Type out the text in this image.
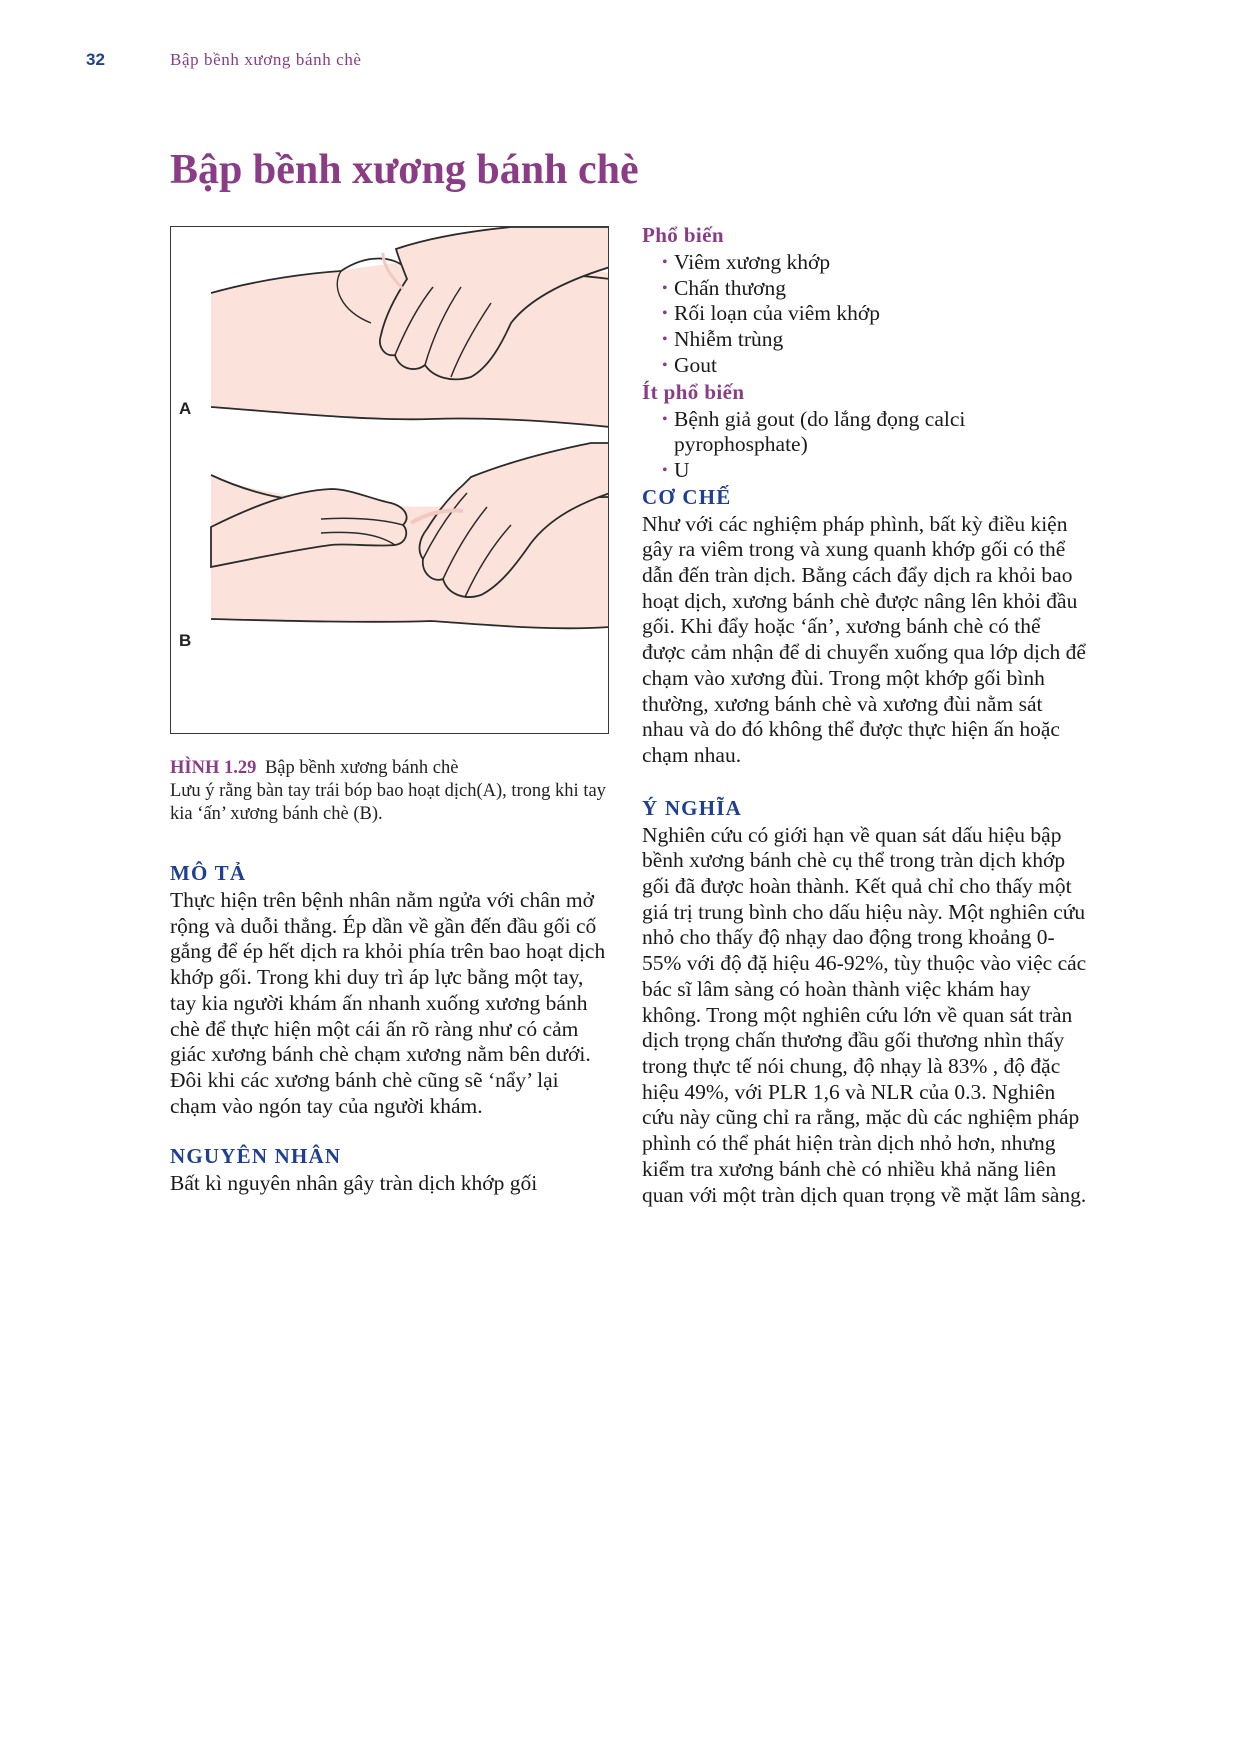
32	Bập bềnh xương bánh chè
Bập bềnh xương bánh chè
A
B
HÌNH 1.29 Bập bềnh xương bánh chè
Lưu ý rằng bàn tay trái bóp bao hoạt dịch(A), trong khi tay kia ‘ấn’ xương bánh chè (B).
MÔ TẢ

Thực hiện trên bệnh nhân nằm ngửa với chân mở rộng và duỗi thẳng. Ép dần về gần đến đầu gối cố gắng để ép hết dịch ra khỏi phía trên bao hoạt dịch khớp gối. Trong khi duy trì áp lực bằng một tay, tay kia người khám ấn nhanh xuống xương bánh chè để thực hiện một cái ấn rõ ràng như có cảm giác xương bánh chè chạm xương nằm bên dưới. Đôi khi các xương bánh chè cũng sẽ ‘nẩy’ lại chạm vào ngón tay của người khám.

NGUYÊN NHÂN

Bất kì nguyên nhân gây tràn dịch khớp gối

Phổ biến
• Viêm xương khớp
• Chấn thương
• Rối loạn của viêm khớp
• Nhiễm trùng
• Gout
Ít phổ biến
• Bệnh giả gout (do lắng đọng calci pyrophosphate)
• U
CƠ CHẾ

Như với các nghiệm pháp phình, bất kỳ điều kiện gây ra viêm trong và xung quanh khớp gối có thể dẫn đến tràn dịch. Bằng cách đẩy dịch ra khỏi bao hoạt dịch, xương bánh chè được nâng lên khỏi đầu gối. Khi đẩy hoặc ‘ấn’, xương bánh chè có thể được cảm nhận để di chuyển xuống qua lớp dịch để chạm vào xương đùi. Trong một khớp gối bình thường, xương bánh chè và xương đùi nằm sát nhau và do đó không thể được thực hiện ấn hoặc chạm nhau.

Ý NGHĨA

Nghiên cứu có giới hạn về quan sát dấu hiệu bập bềnh xương bánh chè cụ thể trong tràn dịch khớp gối đã được hoàn thành. Kết quả chỉ cho thấy một giá trị trung bình cho dấu hiệu này. Một nghiên cứu nhỏ cho thấy độ nhạy dao động trong khoảng 0-55% với độ đặ hiệu 46-92%, tùy thuộc vào việc các bác sĩ lâm sàng có hoàn thành việc khám hay không. Trong một nghiên cứu lớn về quan sát tràn dịch trọng chấn thương đầu gối thương nhìn thấy trong thực tế nói chung, độ nhạy là 83% , độ đặc hiệu 49%, với PLR 1,6 và NLR của 0.3. Nghiên cứu này cũng chỉ ra rằng, mặc dù các nghiệm pháp phình có thể phát hiện tràn dịch nhỏ hơn, nhưng kiểm tra xương bánh chè có nhiều khả năng liên quan với một tràn dịch quan trọng về mặt lâm sàng.
